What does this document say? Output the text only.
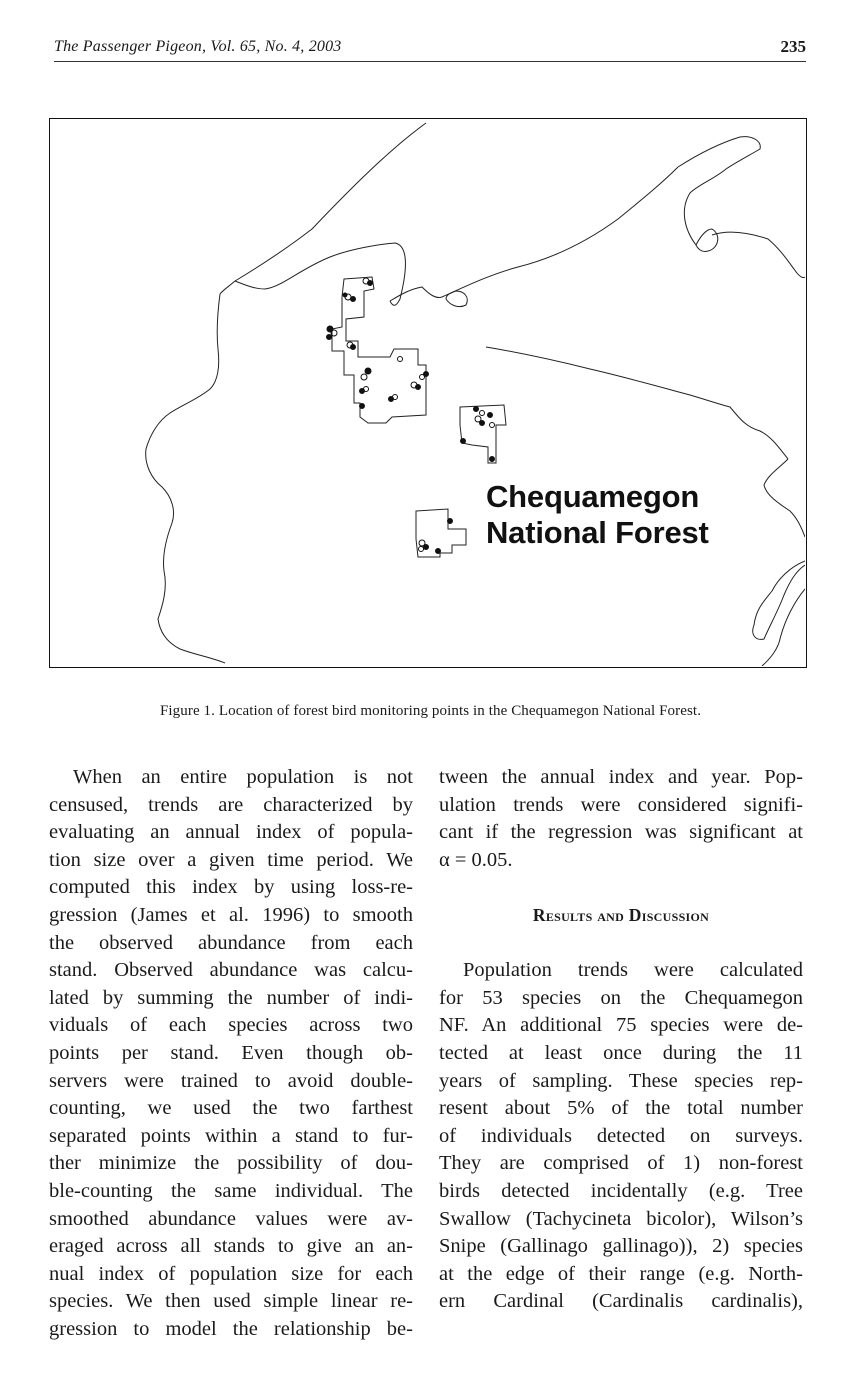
The Passenger Pigeon, Vol. 65, No. 4, 2003	235
Chequamegon
National Forest
Figure 1. Location of forest bird monitoring points in the Chequamegon National Forest.
When an entire population is not
censused, trends are characterized by
evaluating an annual index of popula-
tion size over a given time period. We
computed this index by using loss-re-
gression (James et al. 1996) to smooth
the observed abundance from each
stand. Observed abundance was calcu-
lated by summing the number of indi-
viduals of each species across two
points per stand. Even though ob-
servers were trained to avoid double-
counting, we used the two farthest
separated points within a stand to fur-
ther minimize the possibility of dou-
ble-counting the same individual. The
smoothed abundance values were av-
eraged across all stands to give an an-
nual index of population size for each
species. We then used simple linear re-
gression to model the relationship be-
tween the annual index and year. Pop-
ulation trends were considered signifi-
cant if the regression was significant at
α = 0.05.
Results and Discussion
Population trends were calculated
for 53 species on the Chequamegon
NF. An additional 75 species were de-
tected at least once during the 11
years of sampling. These species rep-
resent about 5% of the total number
of individuals detected on surveys.
They are comprised of 1) non-forest
birds detected incidentally (e.g. Tree
Swallow (Tachycineta bicolor), Wilson’s
Snipe (Gallinago gallinago)), 2) species
at the edge of their range (e.g. North-
ern Cardinal (Cardinalis cardinalis),
